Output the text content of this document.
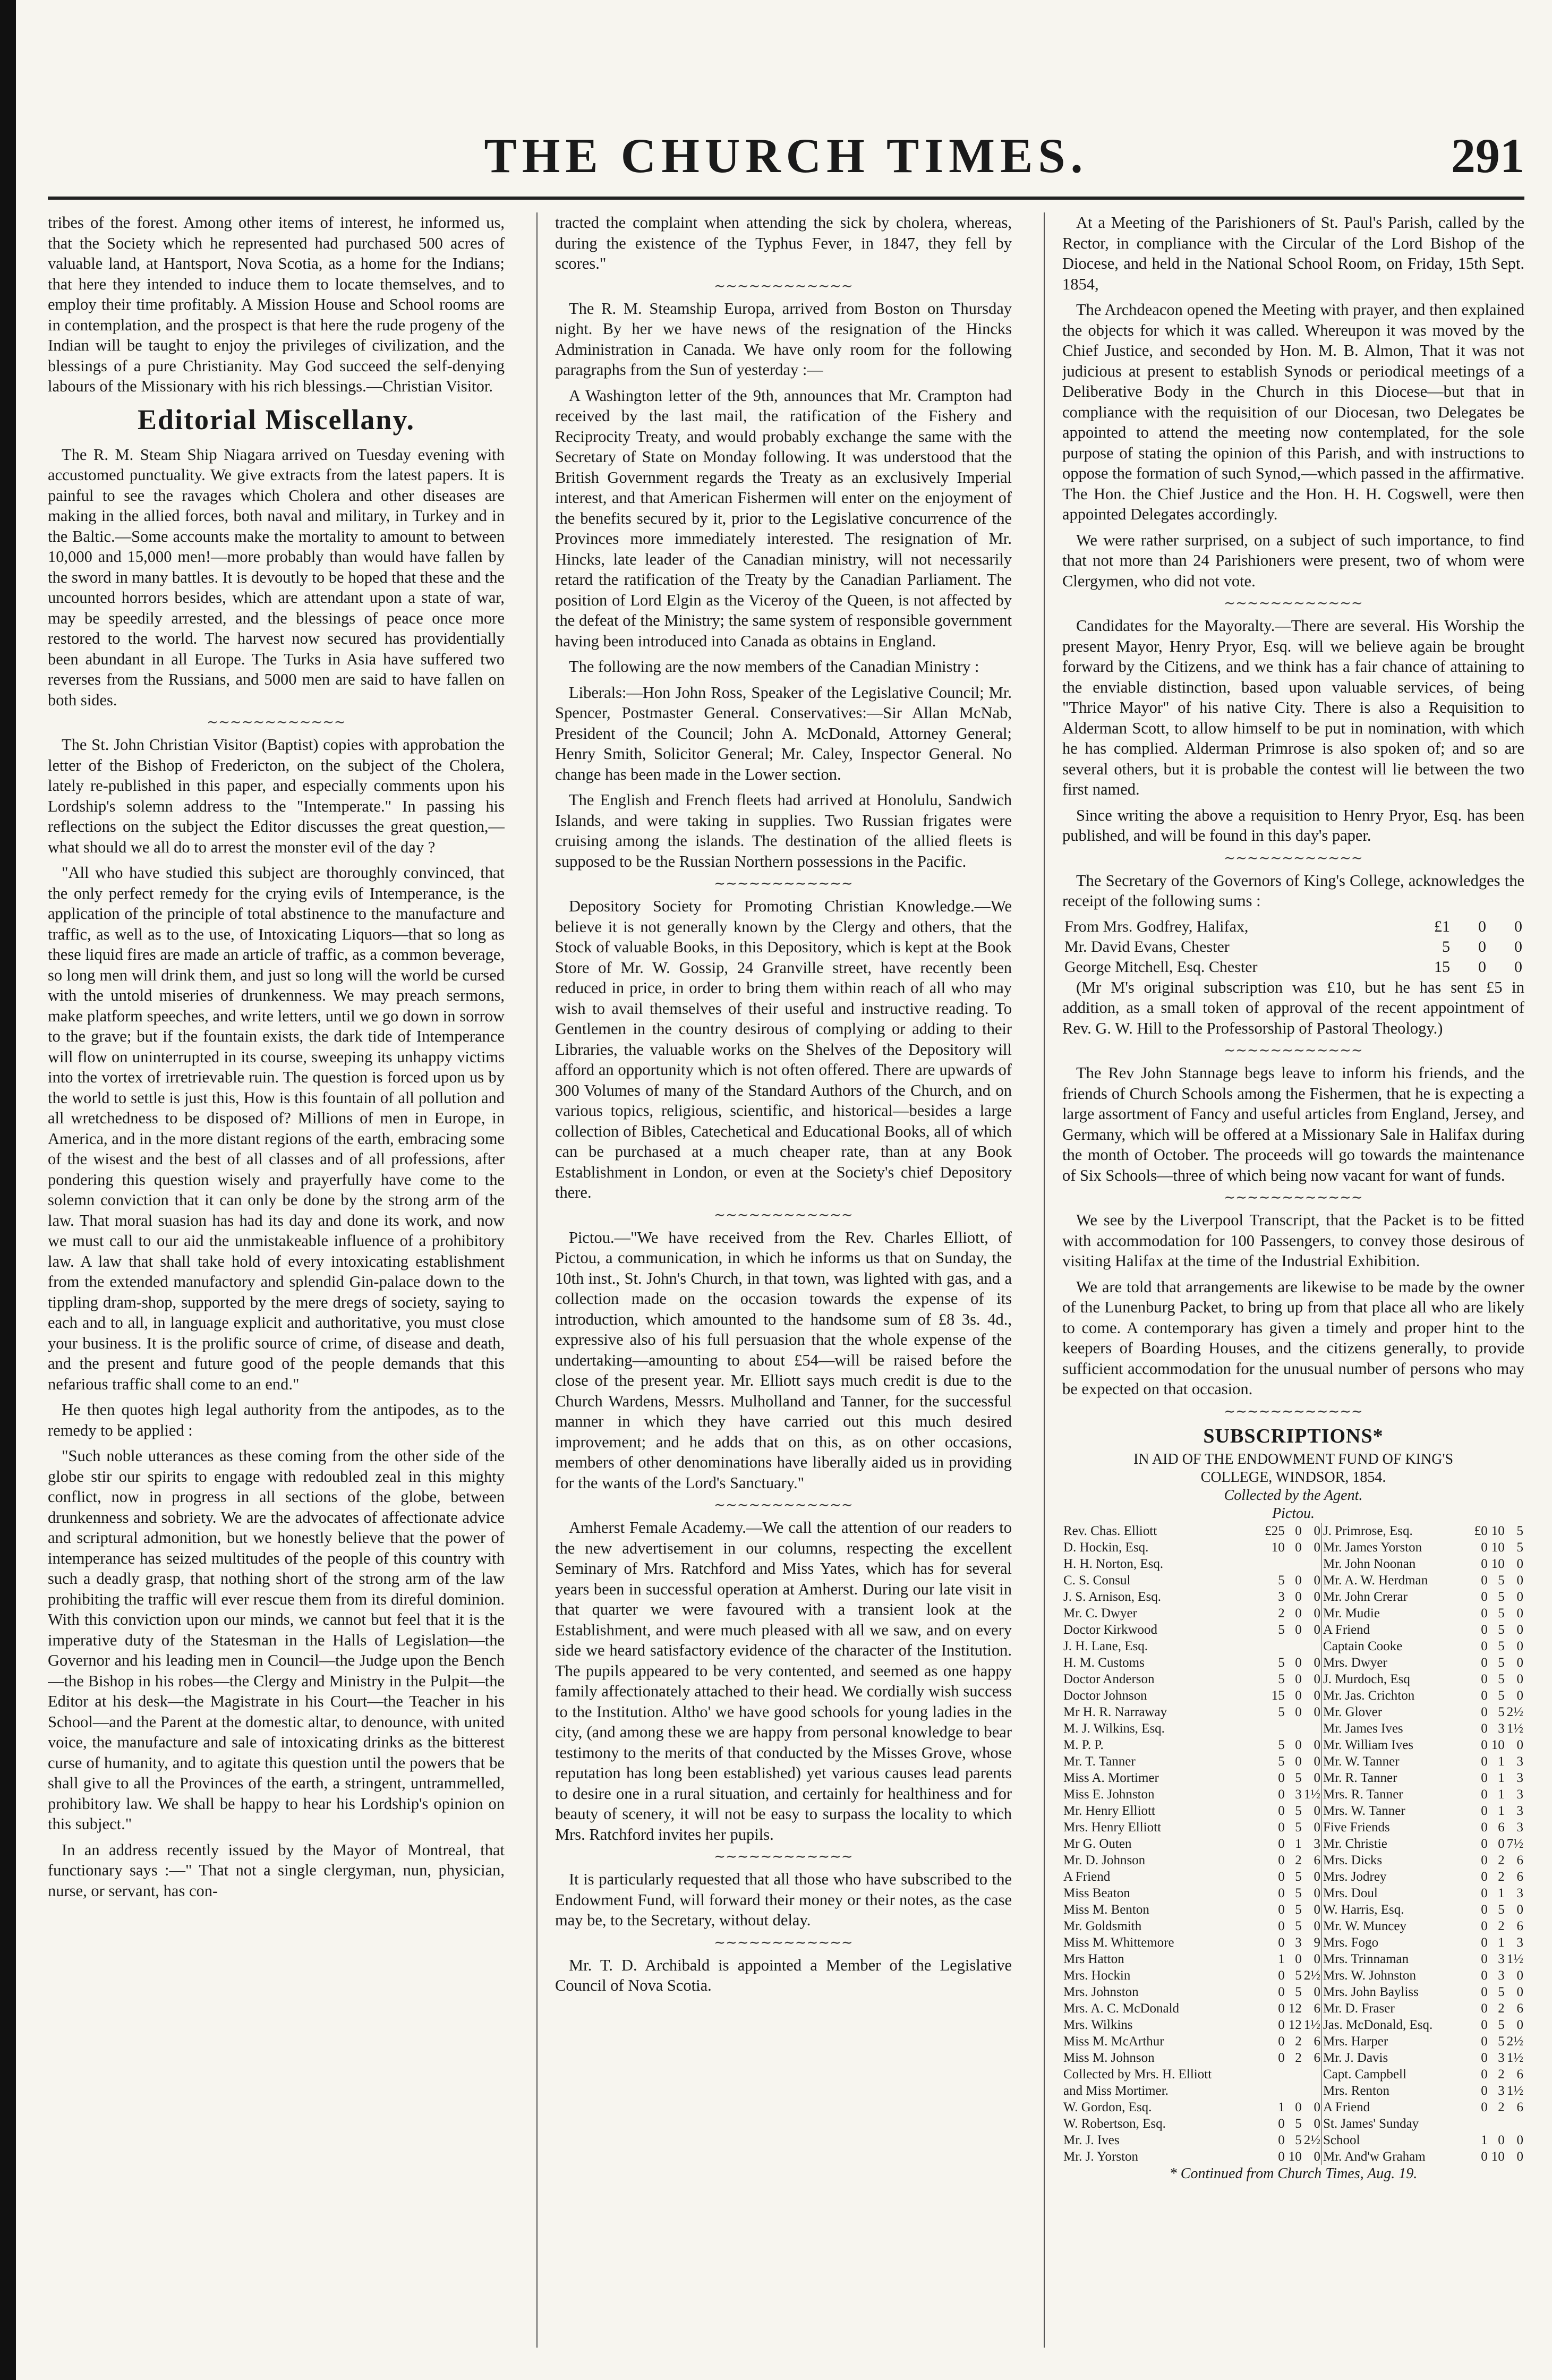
THE CHURCH TIMES.	291

tribes of the forest. Among other items of interest, he informed us, that the Society which he represented had purchased 500 acres of valuable land, at Hantsport, Nova Scotia, as a home for the Indians; that here they intended to induce them to locate themselves, and to employ their time profitably. A Mission House and School rooms are in contemplation, and the prospect is that here the rude progeny of the Indian will be taught to enjoy the privileges of civilization, and the blessings of a pure Christianity. May God succeed the self-denying labours of the Missionary with his rich blessings.—Christian Visitor.

Editorial Miscellany.

The R. M. Steam Ship Niagara arrived on Tuesday evening with accustomed punctuality. We give extracts from the latest papers. It is painful to see the ravages which Cholera and other diseases are making in the allied forces, both naval and military, in Turkey and in the Baltic.—Some accounts make the mortality to amount to between 10,000 and 15,000 men!—more probably than would have fallen by the sword in many battles. It is devoutly to be hoped that these and the uncounted horrors besides, which are attendant upon a state of war, may be speedily arrested, and the blessings of peace once more restored to the world. The harvest now secured has providentially been abundant in all Europe. The Turks in Asia have suffered two reverses from the Russians, and 5000 men are said to have fallen on both sides.

∼∼∼∼∼∼∼∼∼∼∼∼

The St. John Christian Visitor (Baptist) copies with approbation the letter of the Bishop of Fredericton, on the subject of the Cholera, lately re-published in this paper, and especially comments upon his Lordship's solemn address to the "Intemperate." In passing his reflections on the subject the Editor discusses the great question,—what should we all do to arrest the monster evil of the day ?

"All who have studied this subject are thoroughly convinced, that the only perfect remedy for the crying evils of Intemperance, is the application of the principle of total abstinence to the manufacture and traffic, as well as to the use, of Intoxicating Liquors—that so long as these liquid fires are made an article of traffic, as a common beverage, so long men will drink them, and just so long will the world be cursed with the untold miseries of drunkenness. We may preach sermons, make platform speeches, and write letters, until we go down in sorrow to the grave; but if the fountain exists, the dark tide of Intemperance will flow on uninterrupted in its course, sweeping its unhappy victims into the vortex of irretrievable ruin. The question is forced upon us by the world to settle is just this, How is this fountain of all pollution and all wretchedness to be disposed of? Millions of men in Europe, in America, and in the more distant regions of the earth, embracing some of the wisest and the best of all classes and of all professions, after pondering this question wisely and prayerfully have come to the solemn conviction that it can only be done by the strong arm of the law. That moral suasion has had its day and done its work, and now we must call to our aid the unmistakeable influence of a prohibitory law. A law that shall take hold of every intoxicating establishment from the extended manufactory and splendid Gin-palace down to the tippling dram-shop, supported by the mere dregs of society, saying to each and to all, in language explicit and authoritative, you must close your business. It is the prolific source of crime, of disease and death, and the present and future good of the people demands that this nefarious traffic shall come to an end."

He then quotes high legal authority from the antipodes, as to the remedy to be applied :

"Such noble utterances as these coming from the other side of the globe stir our spirits to engage with redoubled zeal in this mighty conflict, now in progress in all sections of the globe, between drunkenness and sobriety. We are the advocates of affectionate advice and scriptural admonition, but we honestly believe that the power of intemperance has seized multitudes of the people of this country with such a deadly grasp, that nothing short of the strong arm of the law prohibiting the traffic will ever rescue them from its direful dominion. With this conviction upon our minds, we cannot but feel that it is the imperative duty of the Statesman in the Halls of Legislation—the Governor and his leading men in Council—the Judge upon the Bench—the Bishop in his robes—the Clergy and Ministry in the Pulpit—the Editor at his desk—the Magistrate in his Court—the Teacher in his School—and the Parent at the domestic altar, to denounce, with united voice, the manufacture and sale of intoxicating drinks as the bitterest curse of humanity, and to agitate this question until the powers that be shall give to all the Provinces of the earth, a stringent, untrammelled, prohibitory law. We shall be happy to hear his Lordship's opinion on this subject."

In an address recently issued by the Mayor of Montreal, that functionary says :—" That not a single clergyman, nun, physician, nurse, or servant, has con-

tracted the complaint when attending the sick by cholera, whereas, during the existence of the Typhus Fever, in 1847, they fell by scores."

∼∼∼∼∼∼∼∼∼∼∼∼

The R. M. Steamship Europa, arrived from Boston on Thursday night. By her we have news of the resignation of the Hincks Administration in Canada. We have only room for the following paragraphs from the Sun of yesterday :—

A Washington letter of the 9th, announces that Mr. Crampton had received by the last mail, the ratification of the Fishery and Reciprocity Treaty, and would probably exchange the same with the Secretary of State on Monday following. It was understood that the British Government regards the Treaty as an exclusively Imperial interest, and that American Fishermen will enter on the enjoyment of the benefits secured by it, prior to the Legislative concurrence of the Provinces more immediately interested. The resignation of Mr. Hincks, late leader of the Canadian ministry, will not necessarily retard the ratification of the Treaty by the Canadian Parliament. The position of Lord Elgin as the Viceroy of the Queen, is not affected by the defeat of the Ministry; the same system of responsible government having been introduced into Canada as obtains in England.

The following are the now members of the Canadian Ministry :

Liberals:—Hon John Ross, Speaker of the Legislative Council; Mr. Spencer, Postmaster General. Conservatives:—Sir Allan McNab, President of the Council; John A. McDonald, Attorney General; Henry Smith, Solicitor General; Mr. Caley, Inspector General. No change has been made in the Lower section.

The English and French fleets had arrived at Honolulu, Sandwich Islands, and were taking in supplies. Two Russian frigates were cruising among the islands. The destination of the allied fleets is supposed to be the Russian Northern possessions in the Pacific.

∼∼∼∼∼∼∼∼∼∼∼∼

Depository Society for Promoting Christian Knowledge.—We believe it is not generally known by the Clergy and others, that the Stock of valuable Books, in this Depository, which is kept at the Book Store of Mr. W. Gossip, 24 Granville street, have recently been reduced in price, in order to bring them within reach of all who may wish to avail themselves of their useful and instructive reading. To Gentlemen in the country desirous of complying or adding to their Libraries, the valuable works on the Shelves of the Depository will afford an opportunity which is not often offered. There are upwards of 300 Volumes of many of the Standard Authors of the Church, and on various topics, religious, scientific, and historical—besides a large collection of Bibles, Catechetical and Educational Books, all of which can be purchased at a much cheaper rate, than at any Book Establishment in London, or even at the Society's chief Depository there.

∼∼∼∼∼∼∼∼∼∼∼∼

Pictou.—"We have received from the Rev. Charles Elliott, of Pictou, a communication, in which he informs us that on Sunday, the 10th inst., St. John's Church, in that town, was lighted with gas, and a collection made on the occasion towards the expense of its introduction, which amounted to the handsome sum of £8 3s. 4d., expressive also of his full persuasion that the whole expense of the undertaking—amounting to about £54—will be raised before the close of the present year. Mr. Elliott says much credit is due to the Church Wardens, Messrs. Mulholland and Tanner, for the successful manner in which they have carried out this much desired improvement; and he adds that on this, as on other occasions, members of other denominations have liberally aided us in providing for the wants of the Lord's Sanctuary."

∼∼∼∼∼∼∼∼∼∼∼∼

Amherst Female Academy.—We call the attention of our readers to the new advertisement in our columns, respecting the excellent Seminary of Mrs. Ratchford and Miss Yates, which has for several years been in successful operation at Amherst. During our late visit in that quarter we were favoured with a transient look at the Establishment, and were much pleased with all we saw, and on every side we heard satisfactory evidence of the character of the Institution. The pupils appeared to be very contented, and seemed as one happy family affectionately attached to their head. We cordially wish success to the Institution. Altho' we have good schools for young ladies in the city, (and among these we are happy from personal knowledge to bear testimony to the merits of that conducted by the Misses Grove, whose reputation has long been established) yet various causes lead parents to desire one in a rural situation, and certainly for healthiness and for beauty of scenery, it will not be easy to surpass the locality to which Mrs. Ratchford invites her pupils.

∼∼∼∼∼∼∼∼∼∼∼∼

It is particularly requested that all those who have subscribed to the Endowment Fund, will forward their money or their notes, as the case may be, to the Secretary, without delay.

∼∼∼∼∼∼∼∼∼∼∼∼

Mr. T. D. Archibald is appointed a Member of the Legislative Council of Nova Scotia.

At a Meeting of the Parishioners of St. Paul's Parish, called by the Rector, in compliance with the Circular of the Lord Bishop of the Diocese, and held in the National School Room, on Friday, 15th Sept. 1854,

The Archdeacon opened the Meeting with prayer, and then explained the objects for which it was called. Whereupon it was moved by the Chief Justice, and seconded by Hon. M. B. Almon, That it was not judicious at present to establish Synods or periodical meetings of a Deliberative Body in the Church in this Diocese—but that in compliance with the requisition of our Diocesan, two Delegates be appointed to attend the meeting now contemplated, for the sole purpose of stating the opinion of this Parish, and with instructions to oppose the formation of such Synod,—which passed in the affirmative. The Hon. the Chief Justice and the Hon. H. H. Cogswell, were then appointed Delegates accordingly.

We were rather surprised, on a subject of such importance, to find that not more than 24 Parishioners were present, two of whom were Clergymen, who did not vote.

∼∼∼∼∼∼∼∼∼∼∼∼

Candidates for the Mayoralty.—There are several. His Worship the present Mayor, Henry Pryor, Esq. will we believe again be brought forward by the Citizens, and we think has a fair chance of attaining to the enviable distinction, based upon valuable services, of being "Thrice Mayor" of his native City. There is also a Requisition to Alderman Scott, to allow himself to be put in nomination, with which he has complied. Alderman Primrose is also spoken of; and so are several others, but it is probable the contest will lie between the two first named.

Since writing the above a requisition to Henry Pryor, Esq. has been published, and will be found in this day's paper.

∼∼∼∼∼∼∼∼∼∼∼∼

The Secretary of the Governors of King's College, acknowledges the receipt of the following sums :

From Mrs. Godfrey, Halifax,	£1	0	0
Mr. David Evans, Chester	5	0	0
George Mitchell, Esq. Chester	15	0	0

(Mr M's original subscription was £10, but he has sent £5 in addition, as a small token of approval of the recent appointment of Rev. G. W. Hill to the Professorship of Pastoral Theology.)

∼∼∼∼∼∼∼∼∼∼∼∼

The Rev John Stannage begs leave to inform his friends, and the friends of Church Schools among the Fishermen, that he is expecting a large assortment of Fancy and useful articles from England, Jersey, and Germany, which will be offered at a Missionary Sale in Halifax during the month of October. The proceeds will go towards the maintenance of Six Schools—three of which being now vacant for want of funds.

∼∼∼∼∼∼∼∼∼∼∼∼

We see by the Liverpool Transcript, that the Packet is to be fitted with accommodation for 100 Passengers, to convey those desirous of visiting Halifax at the time of the Industrial Exhibition.

We are told that arrangements are likewise to be made by the owner of the Lunenburg Packet, to bring up from that place all who are likely to come. A contemporary has given a timely and proper hint to the keepers of Boarding Houses, and the citizens generally, to provide sufficient accommodation for the unusual number of persons who may be expected on that occasion.

∼∼∼∼∼∼∼∼∼∼∼∼
SUBSCRIPTIONS*
IN AID OF THE ENDOWMENT FUND OF KING'S
COLLEGE, WINDSOR, 1854.
Collected by the Agent.
Pictou.
Rev. Chas. Elliott	£25	0	0	J. Primrose, Esq.	£0	10	5
D. Hockin, Esq.	10	0	0	Mr. James Yorston	0	10	5
H. H. Norton, Esq.				Mr. John Noonan	0	10	0
C. S. Consul	5	0	0	Mr. A. W. Herdman	0	5	0
J. S. Arnison, Esq.	3	0	0	Mr. John Crerar	0	5	0
Mr. C. Dwyer	2	0	0	Mr. Mudie	0	5	0
Doctor Kirkwood	5	0	0	A Friend	0	5	0
J. H. Lane, Esq.				Captain Cooke	0	5	0
H. M. Customs	5	0	0	Mrs. Dwyer	0	5	0
Doctor Anderson	5	0	0	J. Murdoch, Esq	0	5	0
Doctor Johnson	15	0	0	Mr. Jas. Crichton	0	5	0
Mr H. R. Narraway	5	0	0	Mr. Glover	0	5	2½
M. J. Wilkins, Esq.				Mr. James Ives	0	3	1½
M. P. P.	5	0	0	Mr. William Ives	0	10	0
Mr. T. Tanner	5	0	0	Mr. W. Tanner	0	1	3
Miss A. Mortimer	0	5	0	Mr. R. Tanner	0	1	3
Miss E. Johnston	0	3	1½	Mrs. R. Tanner	0	1	3
Mr. Henry Elliott	0	5	0	Mrs. W. Tanner	0	1	3
Mrs. Henry Elliott	0	5	0	Five Friends	0	6	3
Mr G. Outen	0	1	3	Mr. Christie	0	0	7½
Mr. D. Johnson	0	2	6	Mrs. Dicks	0	2	6
A Friend	0	5	0	Mrs. Jodrey	0	2	6
Miss Beaton	0	5	0	Mrs. Doul	0	1	3
Miss M. Benton	0	5	0	W. Harris, Esq.	0	5	0
Mr. Goldsmith	0	5	0	Mr. W. Muncey	0	2	6
Miss M. Whittemore	0	3	9	Mrs. Fogo	0	1	3
Mrs Hatton	1	0	0	Mrs. Trinnaman	0	3	1½
Mrs. Hockin	0	5	2½	Mrs. W. Johnston	0	3	0
Mrs. Johnston	0	5	0	Mrs. John Bayliss	0	5	0
Mrs. A. C. McDonald	0	12	6	Mr. D. Fraser	0	2	6
Mrs. Wilkins	0	12	1½	Jas. McDonald, Esq.	0	5	0
Miss M. McArthur	0	2	6	Mrs. Harper	0	5	2½
Miss M. Johnson	0	2	6	Mr. J. Davis	0	3	1½
Collected by Mrs. H. Elliott				Capt. Campbell	0	2	6
and Miss Mortimer.				Mrs. Renton	0	3	1½
W. Gordon, Esq.	1	0	0	A Friend	0	2	6
W. Robertson, Esq.	0	5	0	St. James' Sunday			
Mr. J. Ives	0	5	2½	School	1	0	0
Mr. J. Yorston	0	10	0	Mr. And'w Graham	0	10	0
* Continued from Church Times, Aug. 19.
